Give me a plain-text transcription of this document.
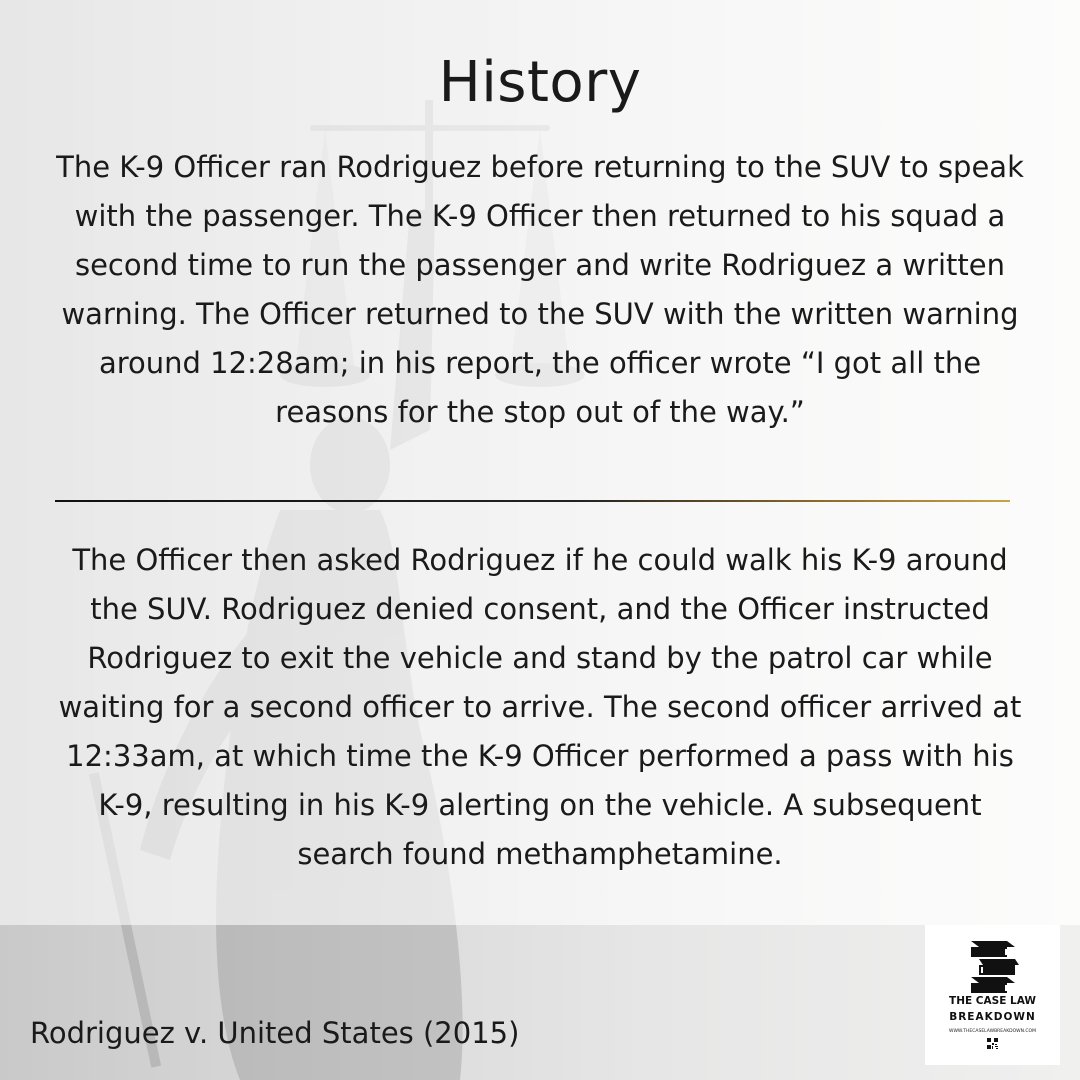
History
The K-9 Officer ran Rodriguez before returning to the SUV to speak with the passenger. The K-9 Officer then returned to his squad a second time to run the passenger and write Rodriguez a written warning. The Officer returned to the SUV with the written warning around 12:28am; in his report, the officer wrote “I got all the reasons for the stop out of the way.”
The Officer then asked Rodriguez if he could walk his K-9 around the SUV. Rodriguez denied consent, and the Officer instructed Rodriguez to exit the vehicle and stand by the patrol car while waiting for a second officer to arrive. The second officer arrived at 12:33am, at which time the K-9 Officer performed a pass with his K-9, resulting in his K-9 alerting on the vehicle. A subsequent search found methamphetamine.
Rodriguez v. United States (2015)
THE CASE LAW
BREAKDOWN
WWW.THECASELAWBREAKDOWN.COM
